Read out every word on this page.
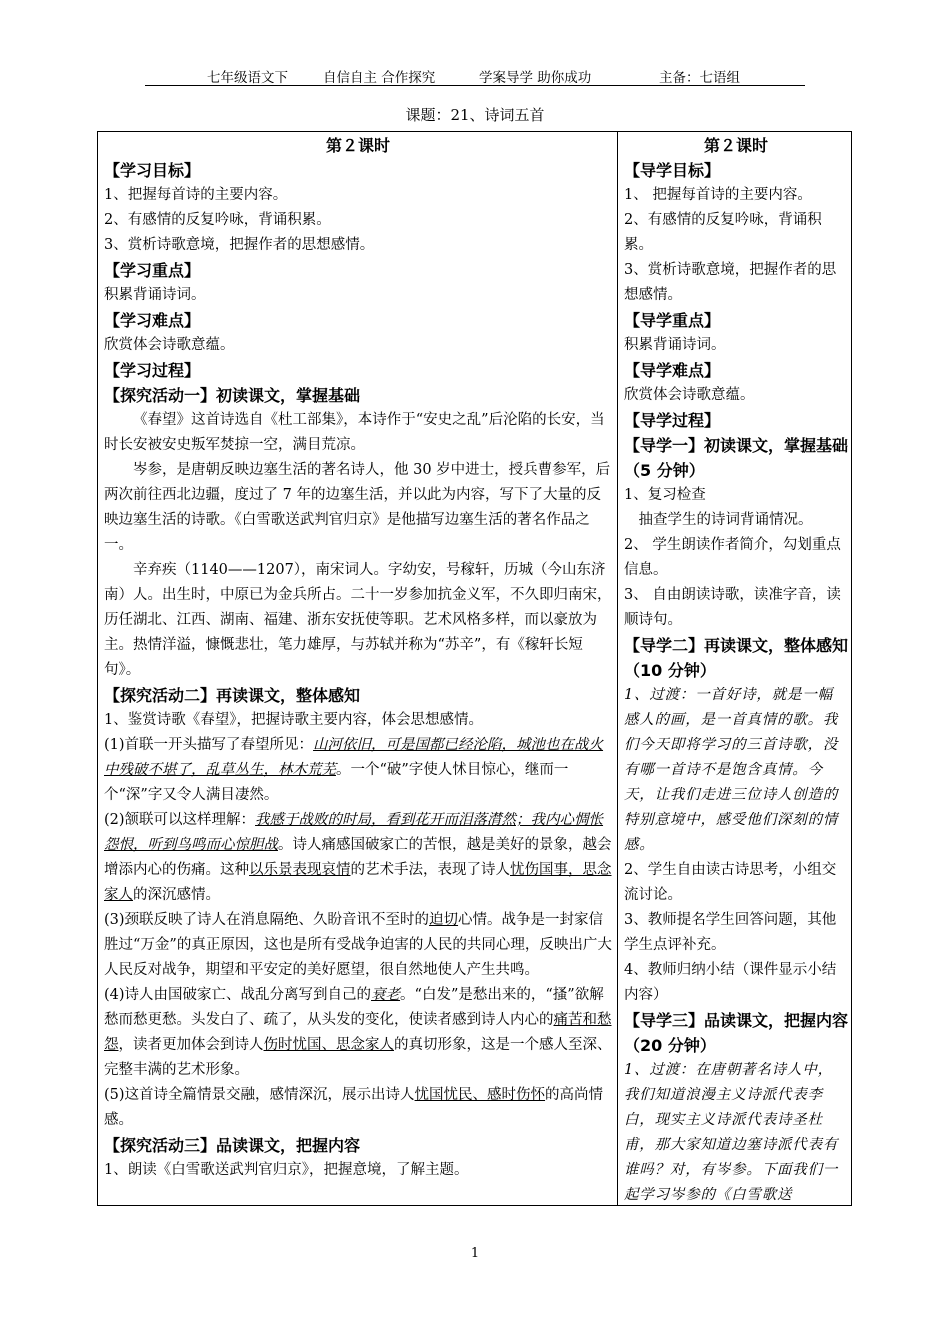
七年级语文下	自信自主 合作探究	学案导学 助你成功	主备：七语组
课题：21、诗词五首

第２课时

【学习目标】

1、把握每首诗的主要内容。

2、有感情的反复吟咏，背诵积累。

3、赏析诗歌意境，把握作者的思想感情。

【学习重点】

积累背诵诗词。

【学习难点】

欣赏体会诗歌意蕴。

【学习过程】

【探究活动一】初读课文，掌握基础

《春望》这首诗选自《杜工部集》，本诗作于“安史之乱”后沦陷的长安，当时长安被安史叛军焚掠一空，满目荒凉。

岑参，是唐朝反映边塞生活的著名诗人，他 30 岁中进士，授兵曹参军，后两次前往西北边疆，度过了 7 年的边塞生活，并以此为内容，写下了大量的反映边塞生活的诗歌。《白雪歌送武判官归京》是他描写边塞生活的著名作品之一。

辛弃疾（1140——1207），南宋词人。字幼安，号稼轩，历城（今山东济南）人。出生时，中原已为金兵所占。二十一岁参加抗金义军，不久即归南宋，历任湖北、江西、湖南、福建、浙东安抚使等职。艺术风格多样，而以豪放为主。热情洋溢，慷慨悲壮，笔力雄厚，与苏轼并称为“苏辛”，有《稼轩长短句》。

【探究活动二】再读课文，整体感知

1、鉴赏诗歌《春望》，把握诗歌主要内容，体会思想感情。

(1)首联一开头描写了春望所见：山河依旧，可是国都已经沦陷，城池也在战火中残破不堪了，乱草丛生，林木荒芜。一个“破”字使人怵目惊心，继而一个“深”字又令人满目凄然。

(2)颔联可以这样理解：我感于战败的时局，看到花开而泪落潸然；我内心惆怅怨恨，听到鸟鸣而心惊胆战。诗人痛感国破家亡的苦恨，越是美好的景象，越会增添内心的伤痛。这种以乐景表现哀情的艺术手法，表现了诗人忧伤国事，思念家人的深沉感情。

(3)颈联反映了诗人在消息隔绝、久盼音讯不至时的迫切心情。战争是一封家信胜过“万金”的真正原因，这也是所有受战争迫害的人民的共同心理，反映出广大人民反对战争，期望和平安定的美好愿望，很自然地使人产生共鸣。

(4)诗人由国破家亡、战乱分离写到自己的衰老。“白发”是愁出来的，“搔”欲解愁而愁更愁。头发白了、疏了，从头发的变化，使读者感到诗人内心的痛苦和愁怨，读者更加体会到诗人伤时忧国、思念家人的真切形象，这是一个感人至深、完整丰满的艺术形象。

(5)这首诗全篇情景交融，感情深沉，展示出诗人忧国忧民、感时伤怀的高尚情感。

【探究活动三】品读课文，把握内容

1、朗读《白雪歌送武判官归京》，把握意境，了解主题。

第２课时

【导学目标】

1、 把握每首诗的主要内容。

2、有感情的反复吟咏，背诵积累。

3、赏析诗歌意境，把握作者的思想感情。

【导学重点】

积累背诵诗词。

【导学难点】

欣赏体会诗歌意蕴。

【导学过程】

【导学一】初读课文，掌握基础（5 分钟）

1、复习检查

抽查学生的诗词背诵情况。

2、 学生朗读作者简介，勾划重点信息。

3、 自由朗读诗歌，读准字音，读顺诗句。

【导学二】再读课文，整体感知（10 分钟）

1、过渡：一首好诗，就是一幅感人的画，是一首真情的歌。我们今天即将学习的三首诗歌，没有哪一首诗不是饱含真情。今天，让我们走进三位诗人创造的特别意境中，感受他们深刻的情感。

2、学生自由读古诗思考，小组交流讨论。

3、教师提名学生回答问题，其他学生点评补充。

4、教师归纳小结（课件显示小结内容）

【导学三】品读课文，把握内容（20 分钟）

1、过渡：在唐朝著名诗人中，我们知道浪漫主义诗派代表李白，现实主义诗派代表诗圣杜甫，那大家知道边塞诗派代表有谁吗？对，有岑参。下面我们一起学习岑参的《白雪歌送

1
